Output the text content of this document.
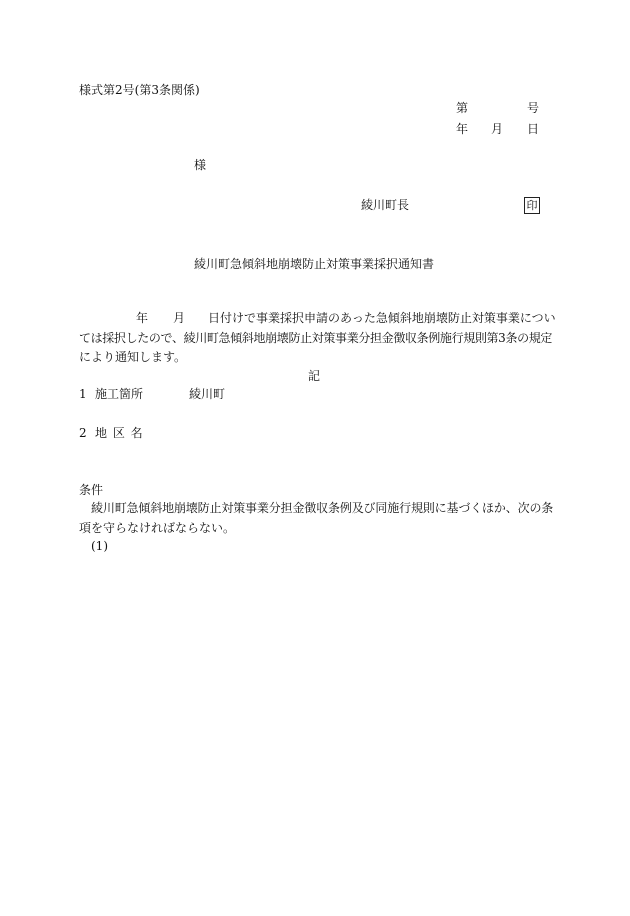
様式第2号(第3条関係)
第	号
年 月 日
様
綾川町長	印
綾川町急傾斜地崩壊防止対策事業採択通知書
年 月 日付けで事業採択申請のあった急傾斜地崩壊防止対策事業につい
ては採択したので、綾川町急傾斜地崩壊防止対策事業分担金徴収条例施行規則第3条の規定
により通知します。
記
1 施工箇所	綾川町
2 地 区 名
条件
綾川町急傾斜地崩壊防止対策事業分担金徴収条例及び同施行規則に基づくほか、次の条
項を守らなければならない。
(1)
